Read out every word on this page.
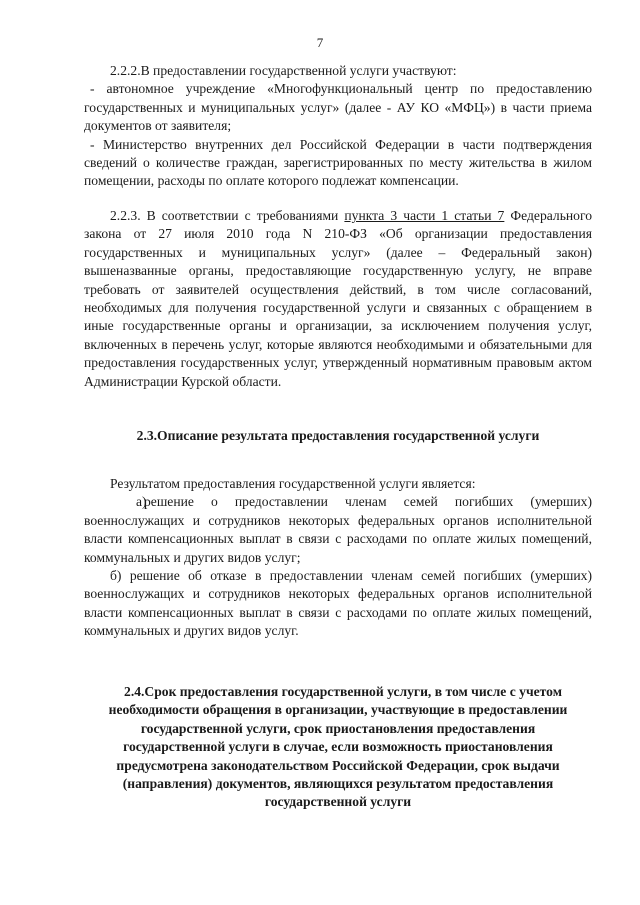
7

2.2.2.В предоставлении государственной услуги участвуют:

- автономное учреждение «Многофункциональный центр по предоставлению государственных и муниципальных услуг» (далее - АУ КО «МФЦ») в части приема документов от заявителя;

- Министерство внутренних дел Российской Федерации в части подтверждения сведений о количестве граждан, зарегистрированных по месту жительства в жилом помещении, расходы по оплате которого подлежат компенсации.

2.2.3. В соответствии с требованиями пункта 3 части 1 статьи 7 Федерального закона от 27 июля 2010 года N 210-ФЗ «Об организации предоставления государственных и муниципальных услуг» (далее – Федеральный закон) вышеназванные органы, предоставляющие государственную услугу, не вправе требовать от заявителей осуществления действий, в том числе согласований, необходимых для получения государственной услуги и связанных с обращением в иные государственные органы и организации, за исключением получения услуг, включенных в перечень услуг, которые являются необходимыми и обязательными для предоставления государственных услуг, утвержденный нормативным правовым актом Администрации Курской области.

2.3.Описание результата предоставления государственной услуги

Результатом предоставления государственной услуги является:

а)решение о предоставлении членам семей погибших (умерших) военнослужащих и сотрудников некоторых федеральных органов исполнительной власти компенсационных выплат в связи с расходами по оплате жилых помещений, коммунальных и других видов услуг;

б) решение об отказе в предоставлении членам семей погибших (умерших) военнослужащих и сотрудников некоторых федеральных органов исполнительной власти компенсационных выплат в связи с расходами по оплате жилых помещений, коммунальных и других видов услуг.

2.4.Срок предоставления государственной услуги, в том числе с учетом

необходимости обращения в организации, участвующие в предоставлении

государственной услуги, срок приостановления предоставления

государственной услуги в случае, если возможность приостановления

предусмотрена законодательством Российской Федерации, срок выдачи

(направления) документов, являющихся результатом предоставления

государственной услуги
